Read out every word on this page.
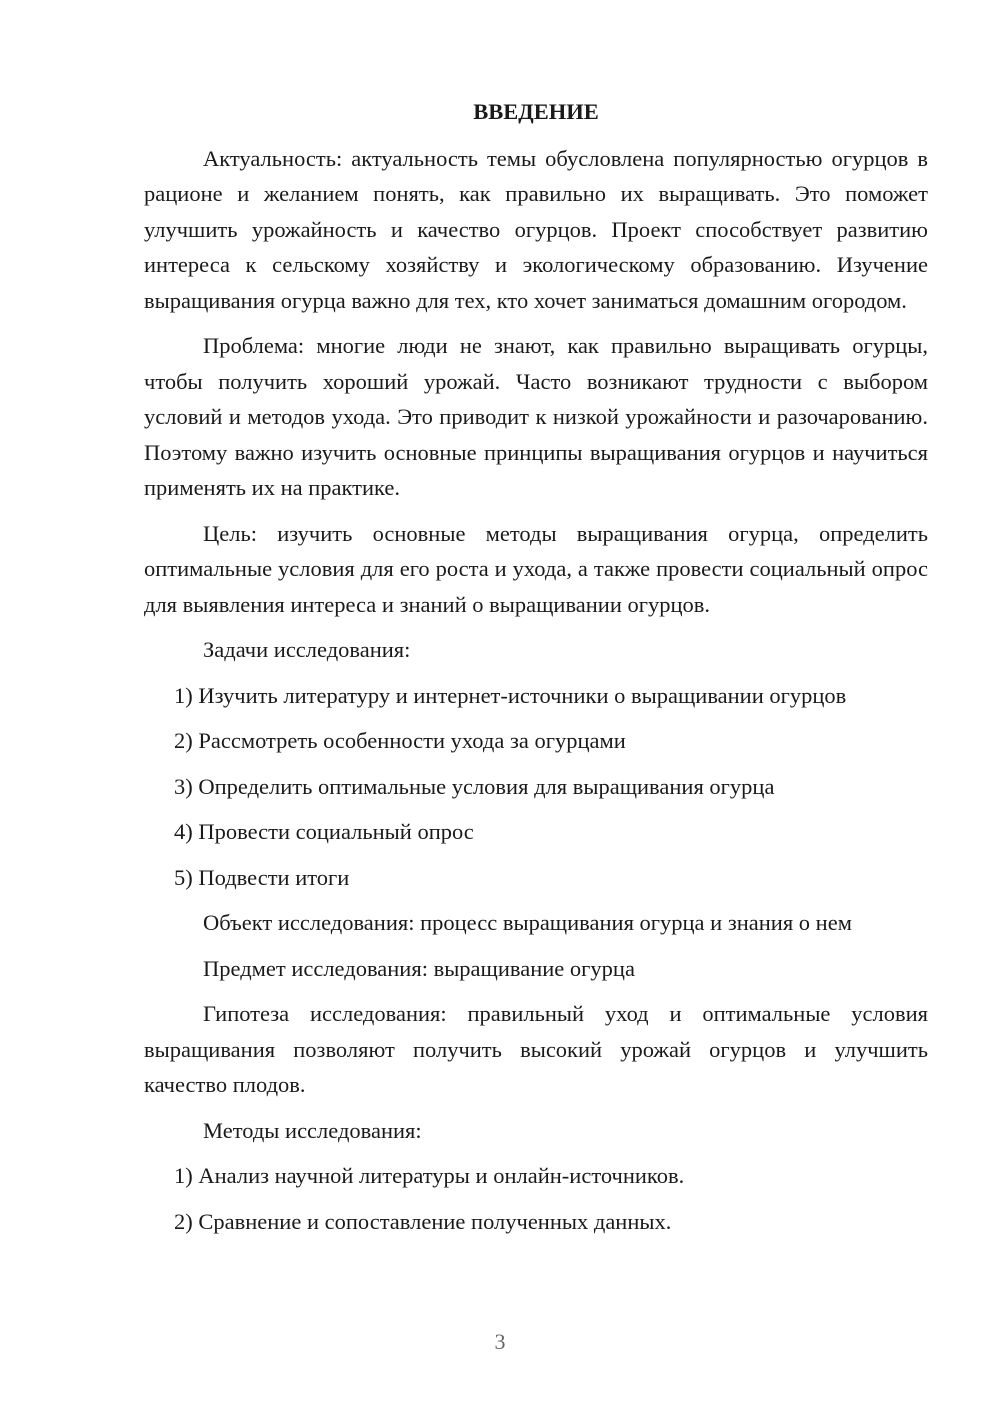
ВВЕДЕНИЕ

Актуальность: актуальность темы обусловлена популярностью огурцов в рационе и желанием понять, как правильно их выращивать. Это поможет улучшить урожайность и качество огурцов. Проект способствует развитию интереса к сельскому хозяйству и экологическому образованию. Изучение выращивания огурца важно для тех, кто хочет заниматься домашним огородом.

Проблема: многие люди не знают, как правильно выращивать огурцы, чтобы получить хороший урожай. Часто возникают трудности с выбором условий и методов ухода. Это приводит к низкой урожайности и разочарованию. Поэтому важно изучить основные принципы выращивания огурцов и научиться применять их на практике.

Цель: изучить основные методы выращивания огурца, определить оптимальные условия для его роста и ухода, а также провести социальный опрос для выявления интереса и знаний о выращивании огурцов.

Задачи исследования:

1) Изучить литературу и интернет-источники о выращивании огурцов

2) Рассмотреть особенности ухода за огурцами

3) Определить оптимальные условия для выращивания огурца

4) Провести социальный опрос

5) Подвести итоги

Объект исследования: процесс выращивания огурца и знания о нем

Предмет исследования: выращивание огурца

Гипотеза исследования: правильный уход и оптимальные условия выращивания позволяют получить высокий урожай огурцов и улучшить качество плодов.

Методы исследования:

1) Анализ научной литературы и онлайн-источников.

2) Сравнение и сопоставление полученных данных.

3
